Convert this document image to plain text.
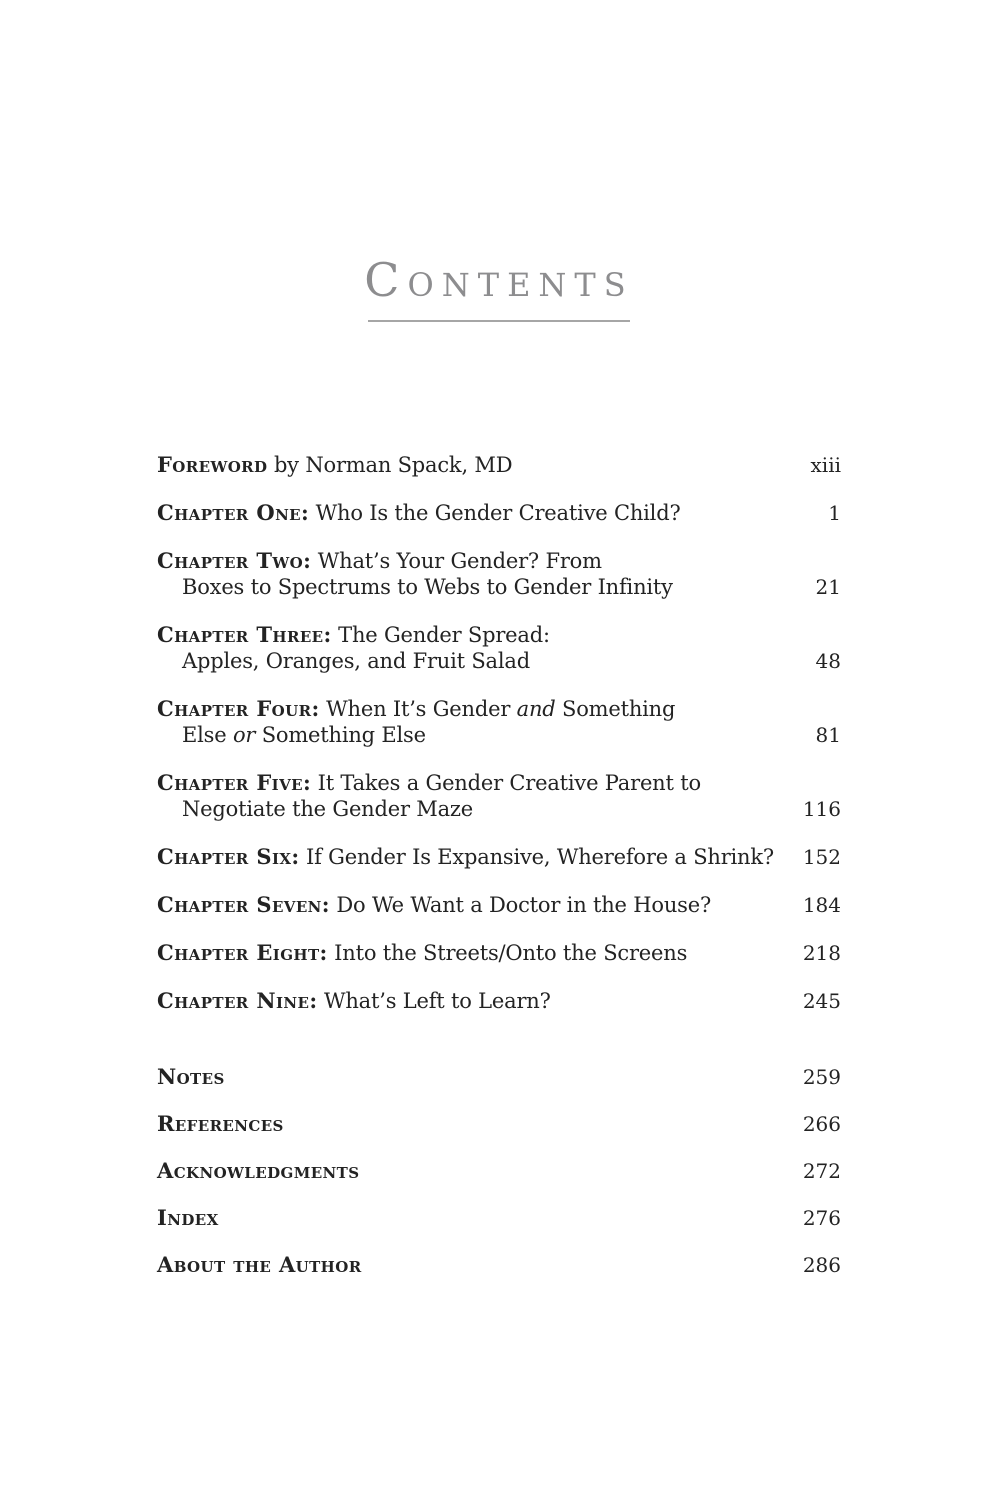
Contents
Foreword by Norman Spack, MD	xiii
Chapter One: Who Is the Gender Creative Child?	1
Chapter Two: What’s Your Gender? From
Boxes to Spectrums to Webs to Gender Infinity	21
Chapter Three: The Gender Spread:
Apples, Oranges, and Fruit Salad	48
Chapter Four: When It’s Gender and Something
Else or Something Else	81
Chapter Five: It Takes a Gender Creative Parent to
Negotiate the Gender Maze	116
Chapter Six: If Gender Is Expansive, Wherefore a Shrink?	152
Chapter Seven: Do We Want a Doctor in the House?	184
Chapter Eight: Into the Streets/Onto the Screens	218
Chapter Nine: What’s Left to Learn?	245
Notes	259
References	266
Acknowledgments	272
Index	276
About the Author	286
